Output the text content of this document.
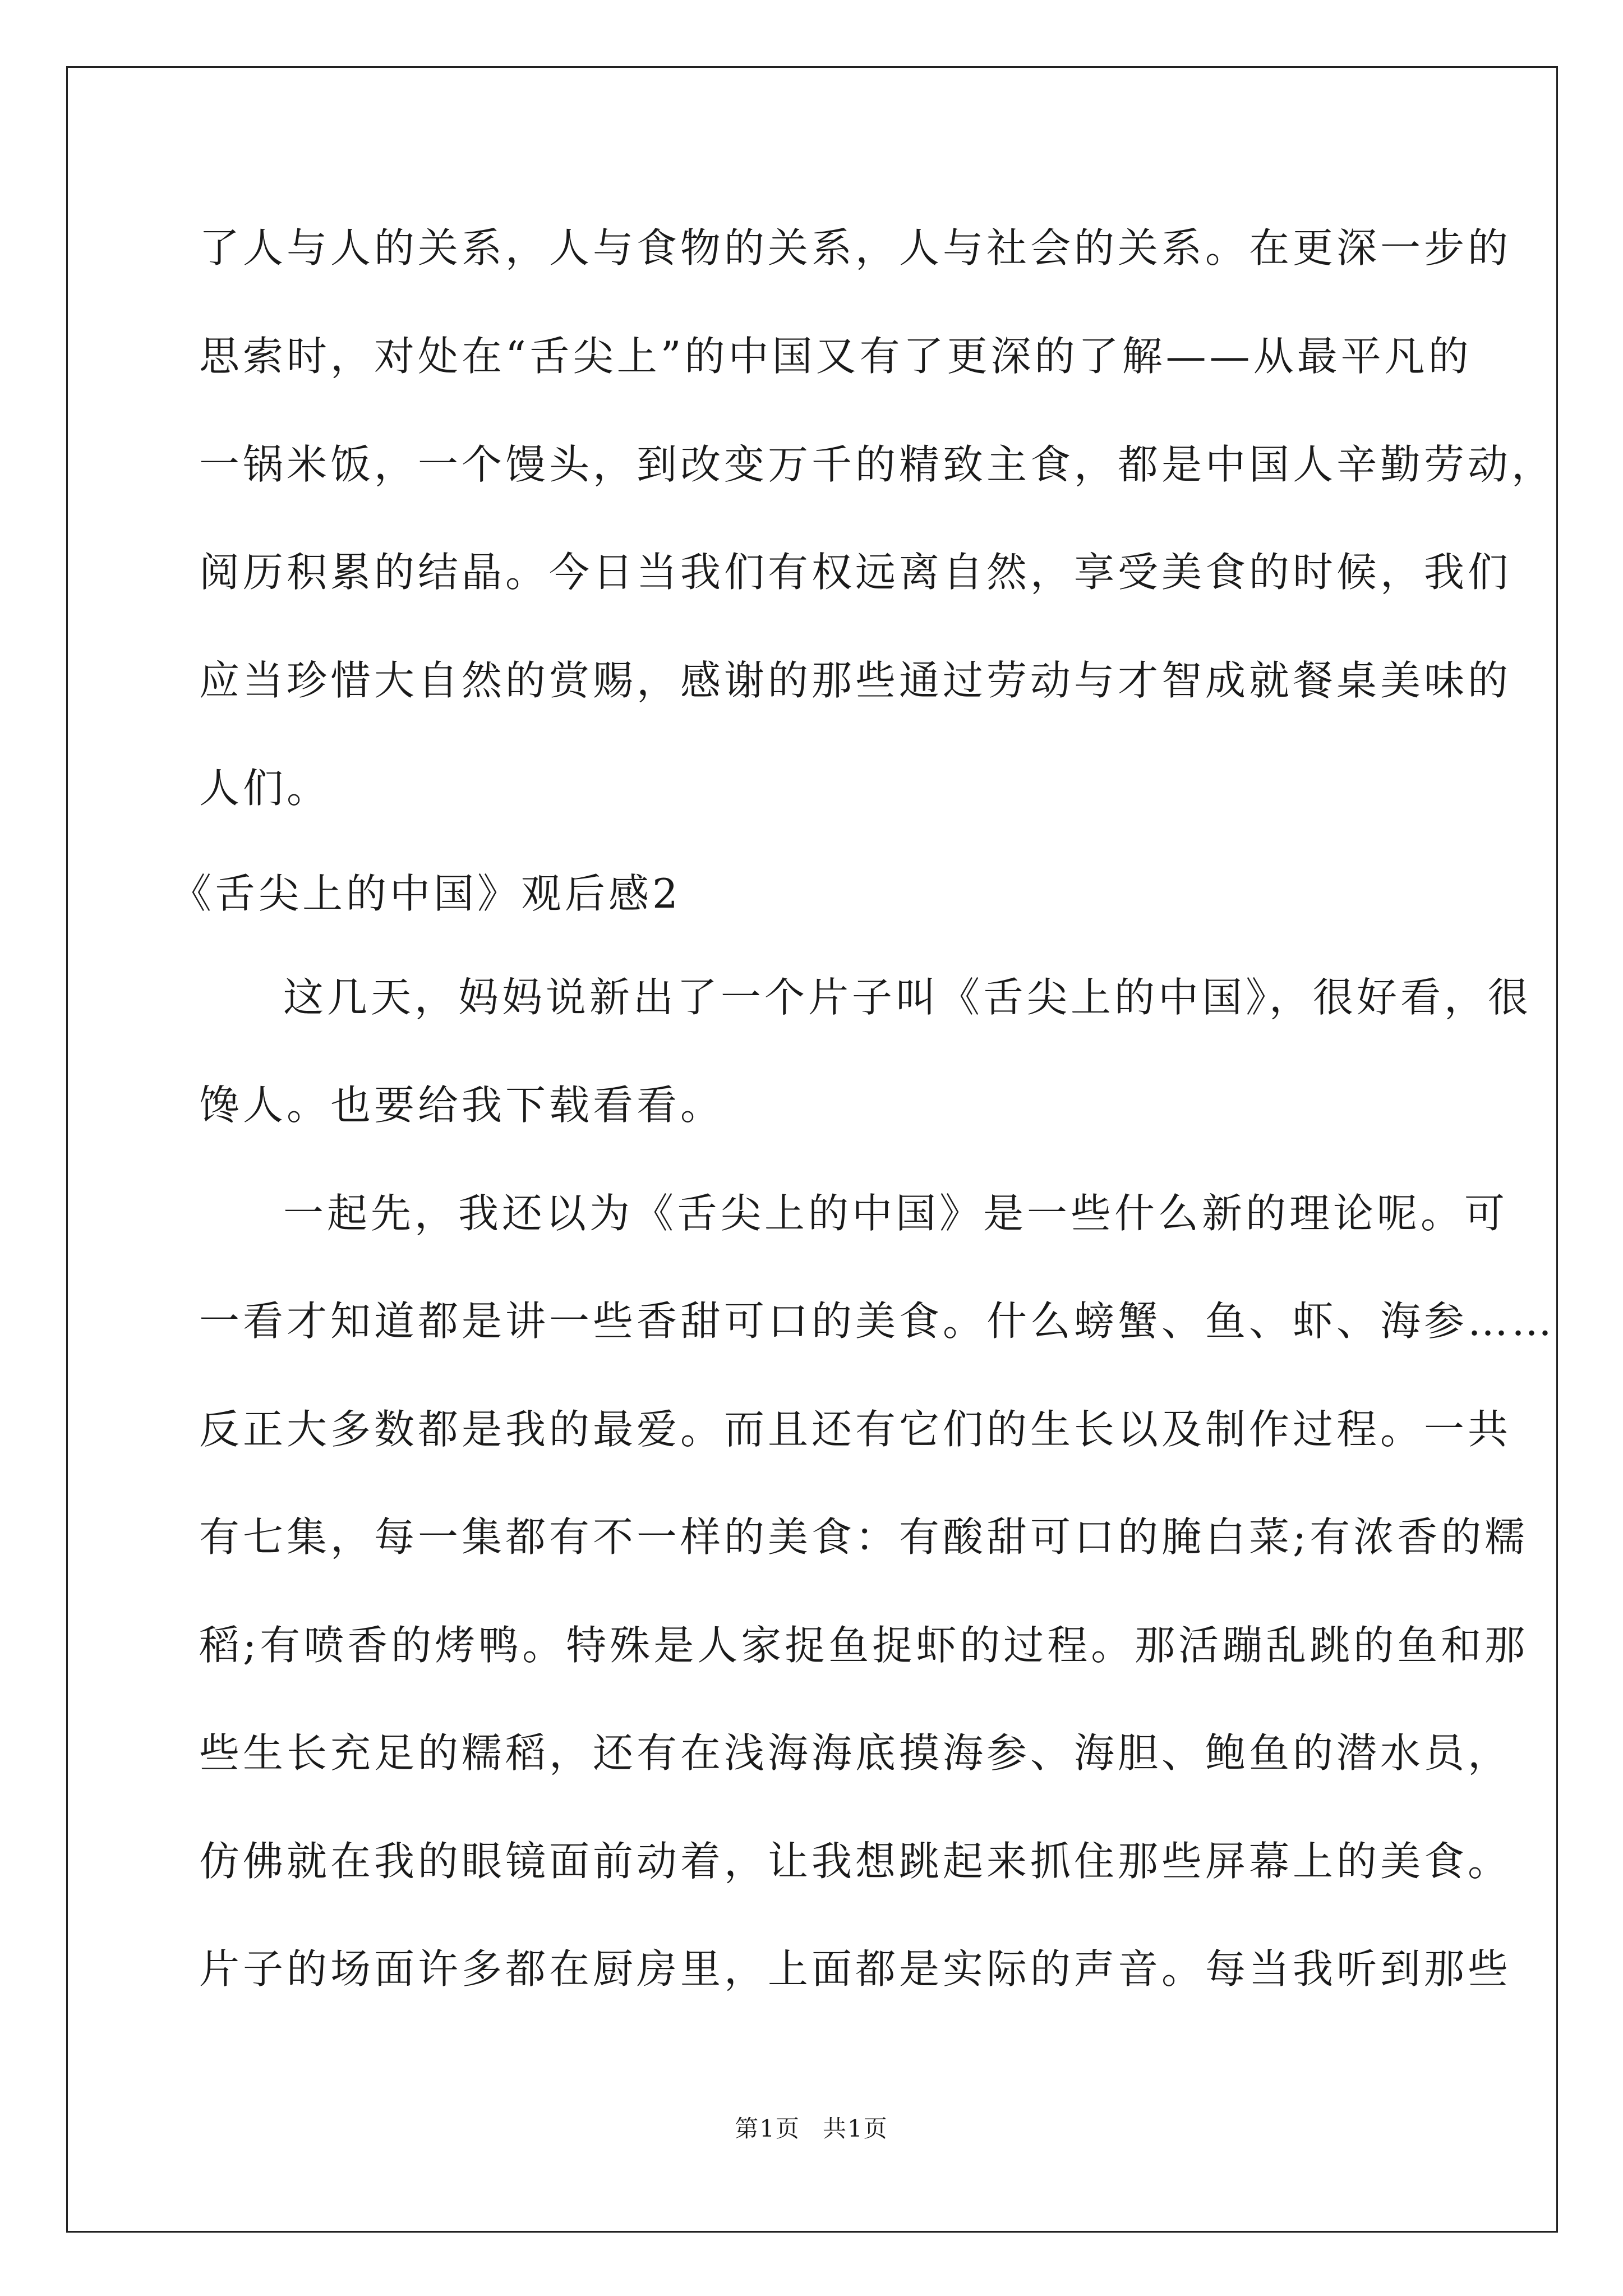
了人与人的关系，人与食物的关系，人与社会的关系。在更深一步的
思索时，对处在“舌尖上”的中国又有了更深的了解——从最平凡的
一锅米饭，一个馒头，到改变万千的精致主食，都是中国人辛勤劳动，
阅历积累的结晶。今日当我们有权远离自然，享受美食的时候，我们
应当珍惜大自然的赏赐，感谢的那些通过劳动与才智成就餐桌美味的
人们。
《舌尖上的中国》观后感2
这几天，妈妈说新出了一个片子叫《舌尖上的中国》，很好看，很
馋人。也要给我下载看看。
一起先，我还以为《舌尖上的中国》是一些什么新的理论呢。可
一看才知道都是讲一些香甜可口的美食。什么螃蟹、鱼、虾、海参……
反正大多数都是我的最爱。而且还有它们的生长以及制作过程。一共
有七集，每一集都有不一样的美食：有酸甜可口的腌白菜;有浓香的糯
稻;有喷香的烤鸭。特殊是人家捉鱼捉虾的过程。那活蹦乱跳的鱼和那
些生长充足的糯稻，还有在浅海海底摸海参、海胆、鲍鱼的潜水员，
仿佛就在我的眼镜面前动着，让我想跳起来抓住那些屏幕上的美食。
片子的场面许多都在厨房里，上面都是实际的声音。每当我听到那些
第1页 共1页
